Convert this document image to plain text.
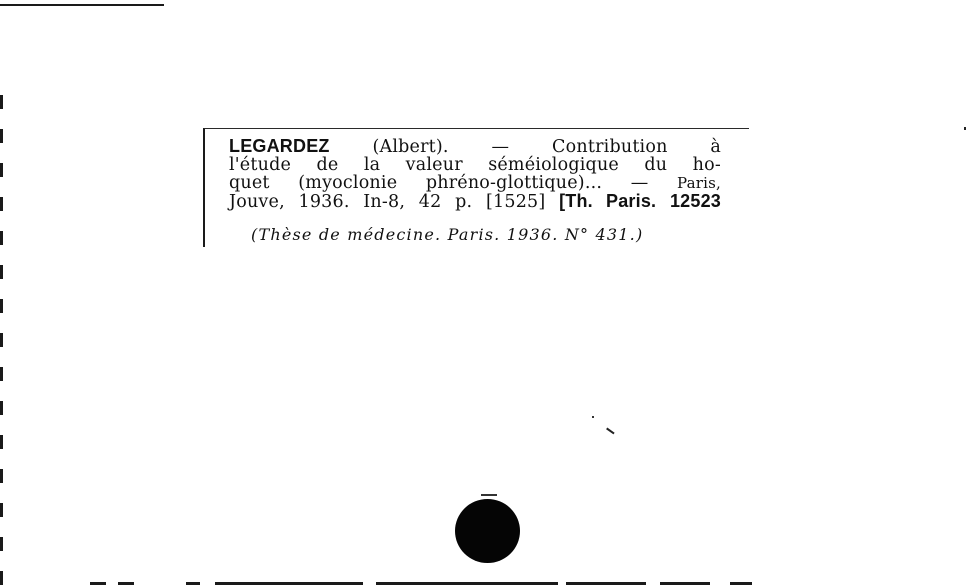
LEGARDEZ (Albert). — Contribution à
l'étude de la valeur séméiologique du ho-
quet (myoclonie phréno-glottique)... — Paris,
Jouve, 1936. In-8, 42 p. [1525] [Th. Paris. 12523
(Thèse de médecine. Paris. 1936. N° 431.)
